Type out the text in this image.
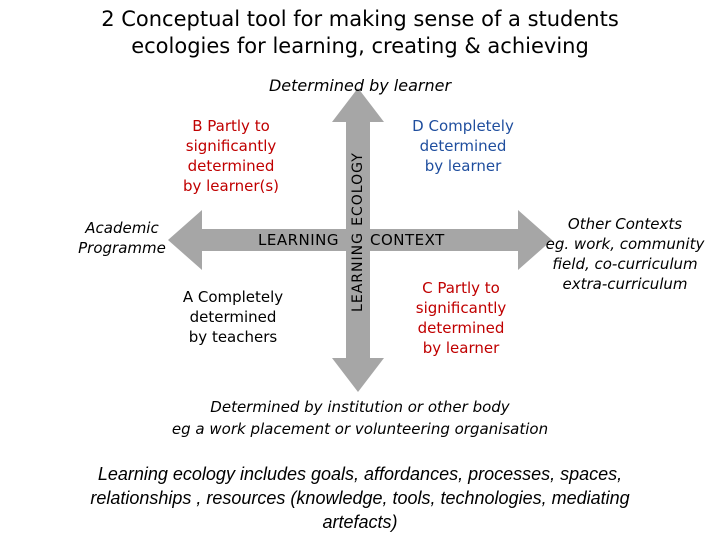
2 Conceptual tool for making sense of a students
ecologies for learning, creating & achieving
Determined by learner
ECOLOGY
LEARNING
LEARNING CONTEXT
Academic
Programme
Other Contexts
eg. work, community
field, co-curriculum
extra-curriculum
B Partly to
significantly
determined
by learner(s)
D Completely
determined
by learner
A Completely
determined
by teachers
C Partly to
significantly
determined
by learner
Determined by institution or other body
eg a work placement or volunteering organisation
Learning ecology includes goals, affordances, processes, spaces,
relationships , resources (knowledge, tools, technologies, mediating
artefacts)
